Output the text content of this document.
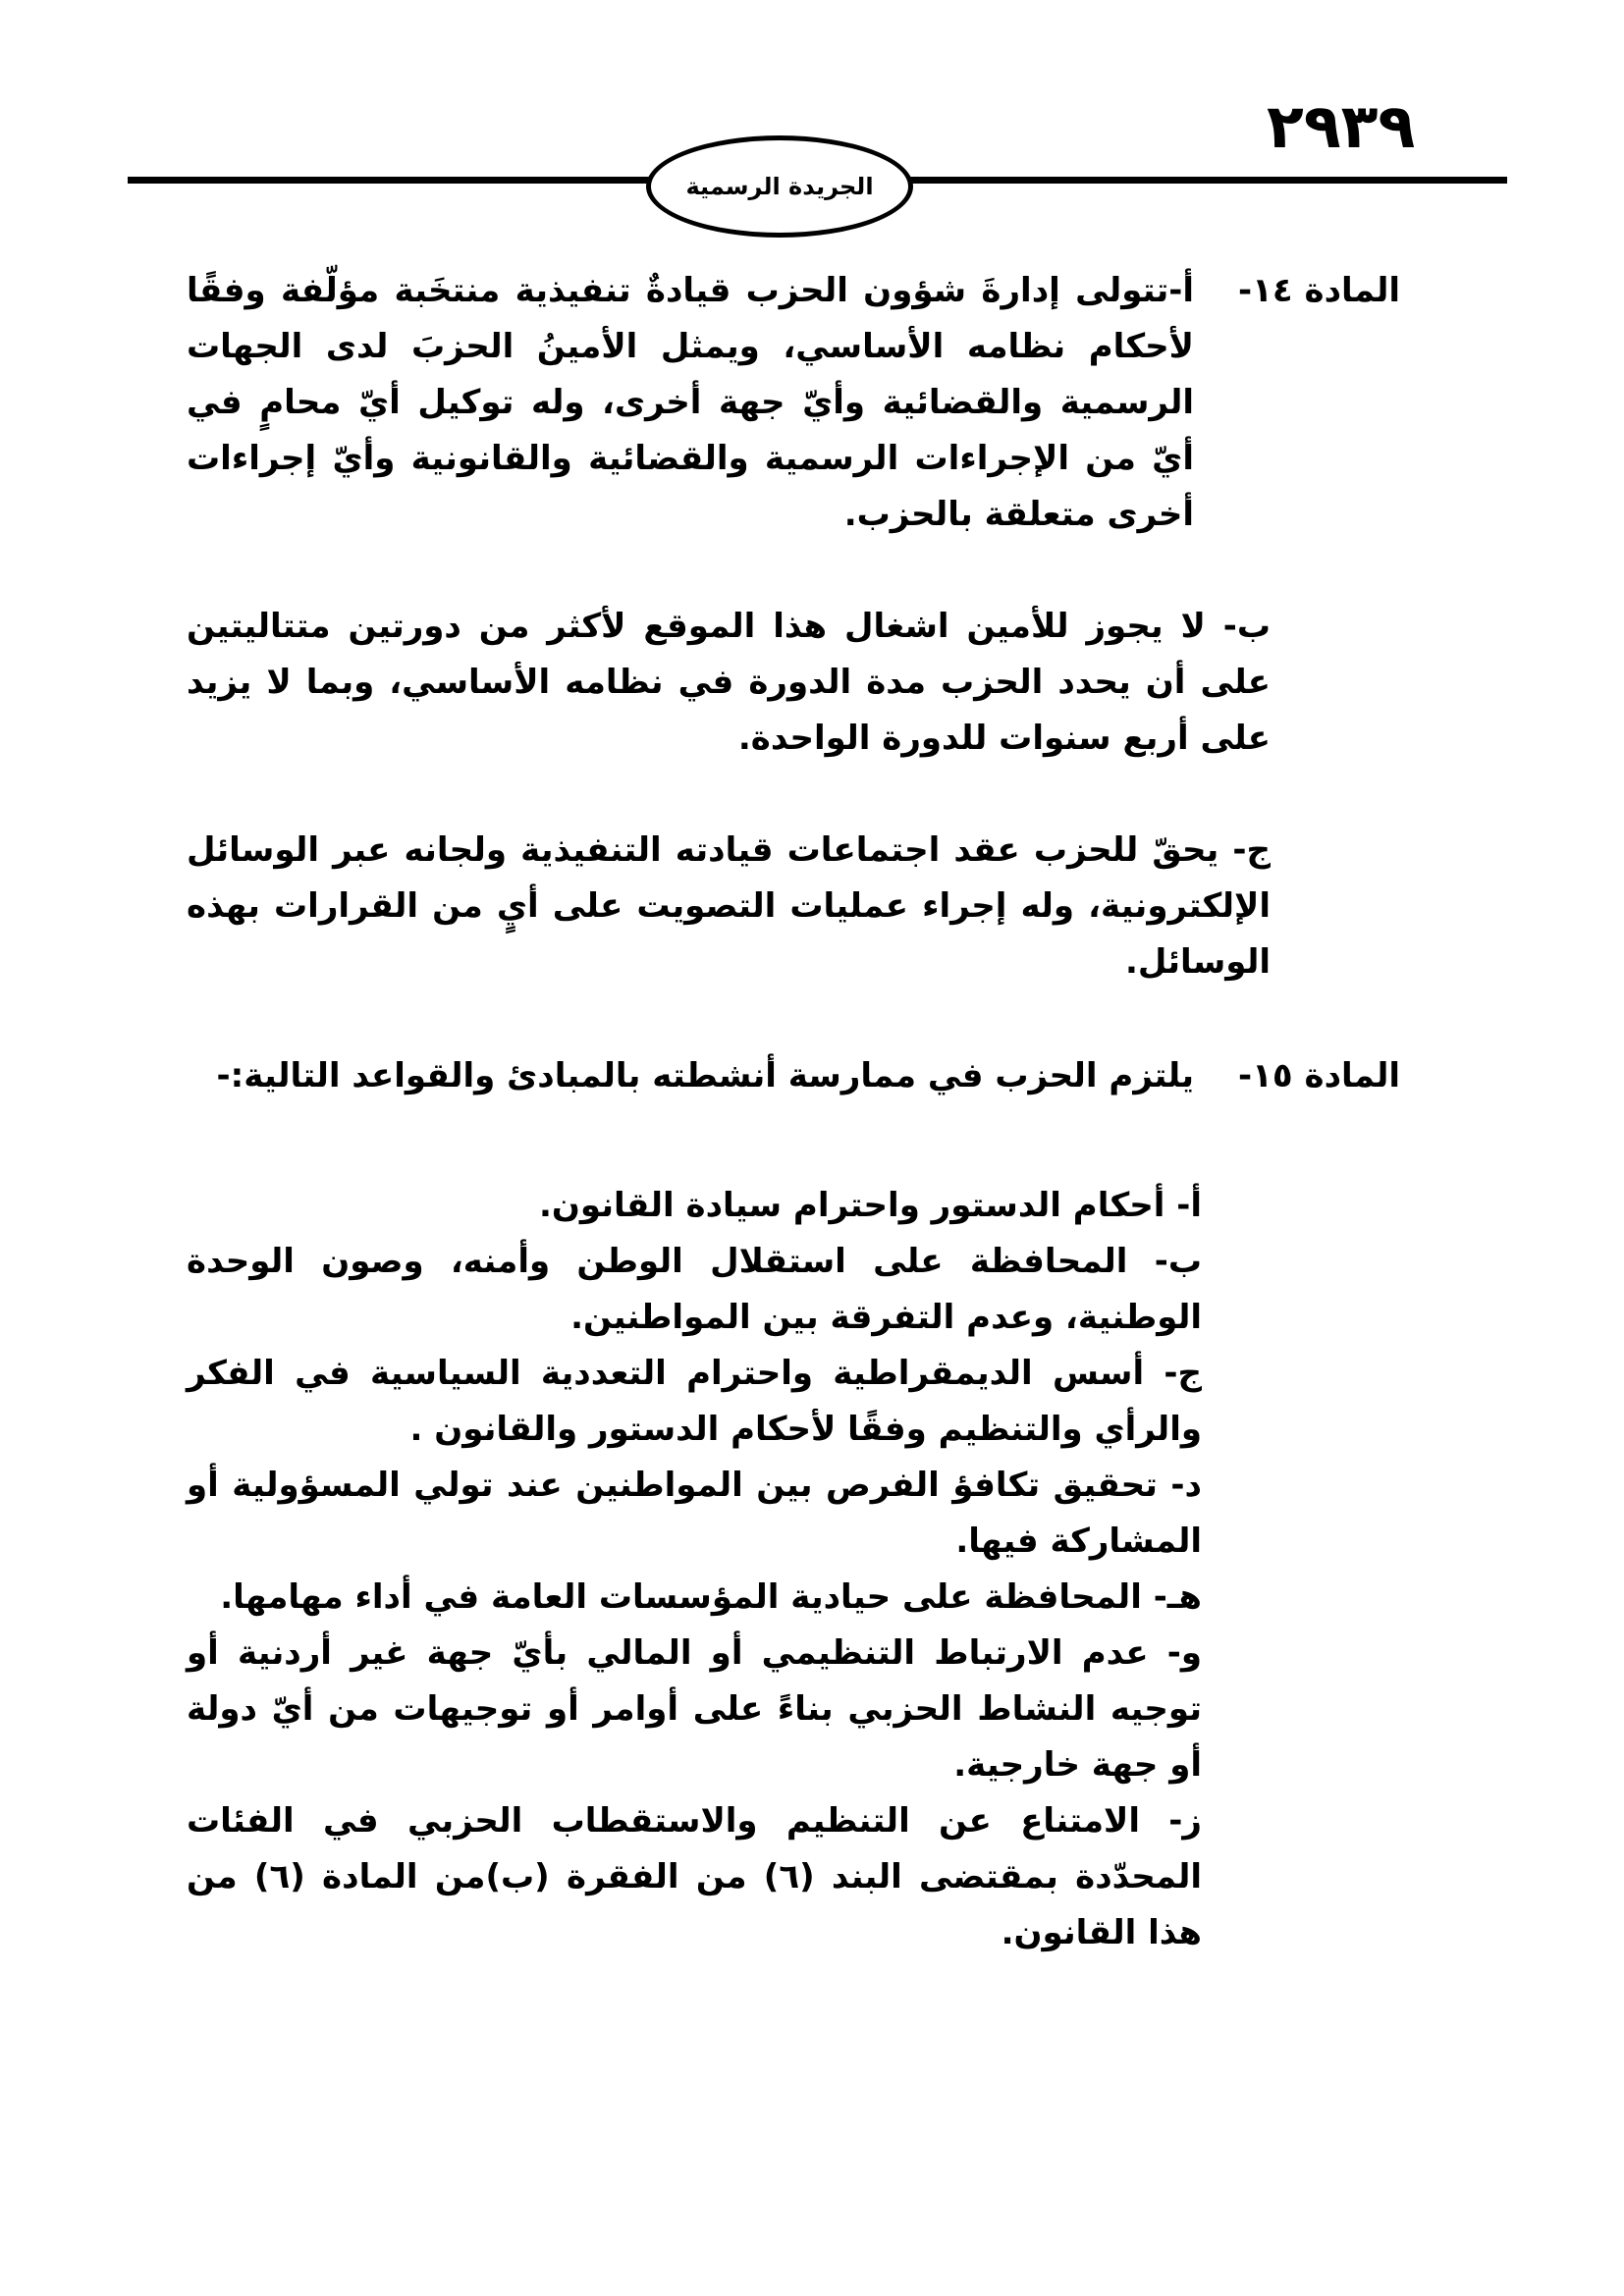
٢٩٣٩
الجريدة الرسمية
المادة ١٤-
أ-تتولى إدارةَ شؤون الحزب قيادةٌ تنفيذية منتخَبة مؤلّفة وفقًا لأحكام نظامه الأساسي، ويمثل الأمينُ الحزبَ لدى الجهات الرسمية والقضائية وأيّ جهة أخرى، وله توكيل أيّ محامٍ في أيّ من الإجراءات الرسمية والقضائية والقانونية وأيّ إجراءات أخرى متعلقة بالحزب.
ب- لا يجوز للأمين اشغال هذا الموقع لأكثر من دورتين متتاليتين على أن يحدد الحزب مدة الدورة في نظامه الأساسي، وبما لا يزيد على أربع سنوات للدورة الواحدة.
ج- يحقّ للحزب عقد اجتماعات قيادته التنفيذية ولجانه عبر الوسائل الإلكترونية، وله إجراء عمليات التصويت على أيٍ من القرارات بهذه الوسائل.
المادة ١٥-
يلتزم الحزب في ممارسة أنشطته بالمبادئ والقواعد التالية:-
أ- أحكام الدستور واحترام سيادة القانون.
ب- المحافظة على استقلال الوطن وأمنه، وصون الوحدة الوطنية، وعدم التفرقة بين المواطنين.
ج- أسس الديمقراطية واحترام التعددية السياسية في الفكر والرأي والتنظيم وفقًا لأحكام الدستور والقانون .
د- تحقيق تكافؤ الفرص بين المواطنين عند تولي المسؤولية أو المشاركة فيها.
هـ- المحافظة على حيادية المؤسسات العامة في أداء مهامها.
و- عدم الارتباط التنظيمي أو المالي بأيّ جهة غير أردنية أو توجيه النشاط الحزبي بناءً على أوامر أو توجيهات من أيّ دولة أو جهة خارجية.
ز- الامتناع عن التنظيم والاستقطاب الحزبي في الفئات المحدّدة بمقتضى البند (٦) من الفقرة (ب)من المادة (٦) من هذا القانون.
